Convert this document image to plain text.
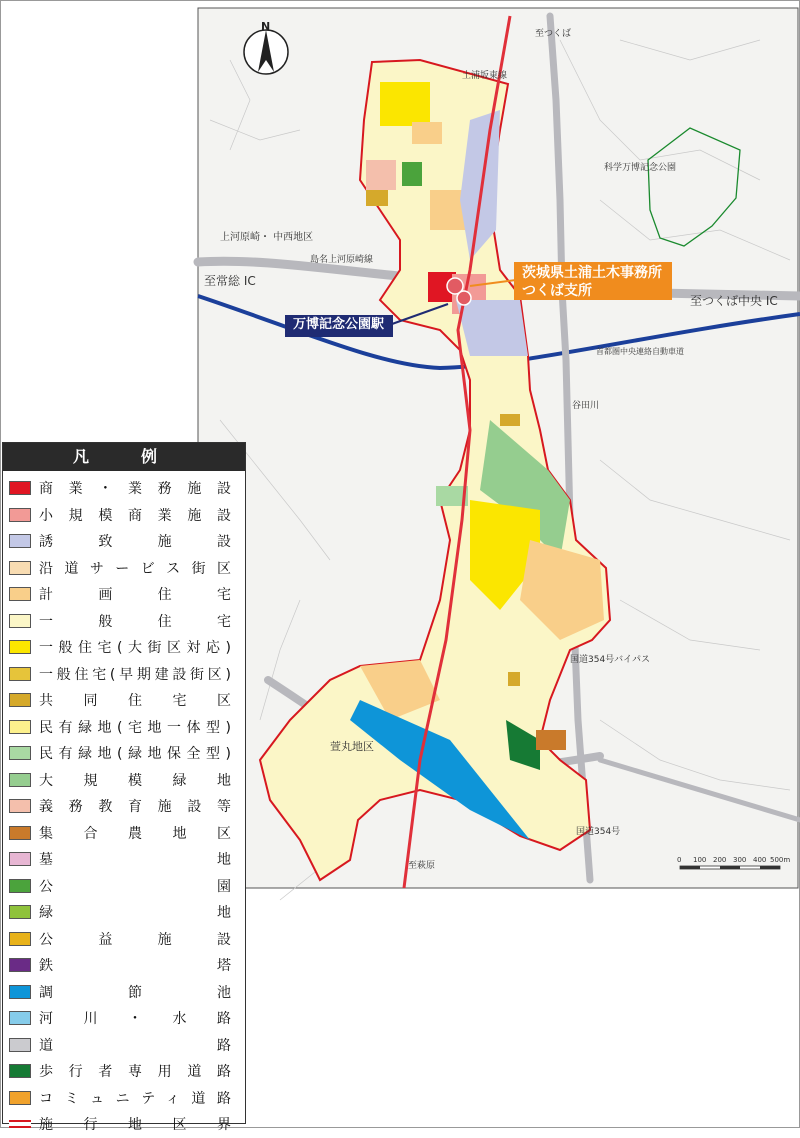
至つくば
土浦坂東線
科学万博記念公園
島名上河原崎線
上河原崎・ 中西地区
至常総 IC
至つくば中央 IC
首都圏中央連絡自動車道
谷田川
萱丸地区
国道354号バイパス
国道354号
至萩原
0 100 200 300 400 500m
N
茨城県土浦土木事務所
つくば支所
万博記念公園駅
凡　例
商業・業務施設
小規模商業施設
誘致施設
沿道サービス街区
計画住宅
一般住宅
一般住宅(大街区対応)
一般住宅(早期建設街区)
共同住宅区
民有緑地(宅地一体型)
民有緑地(緑地保全型)
大規模緑地
義務教育施設等
集合農地区
墓地
公園
緑地
公益施設
鉄塔
調節池
河川・水路
道路
歩行者専用道路
コミュニティ道路
施行地区界
